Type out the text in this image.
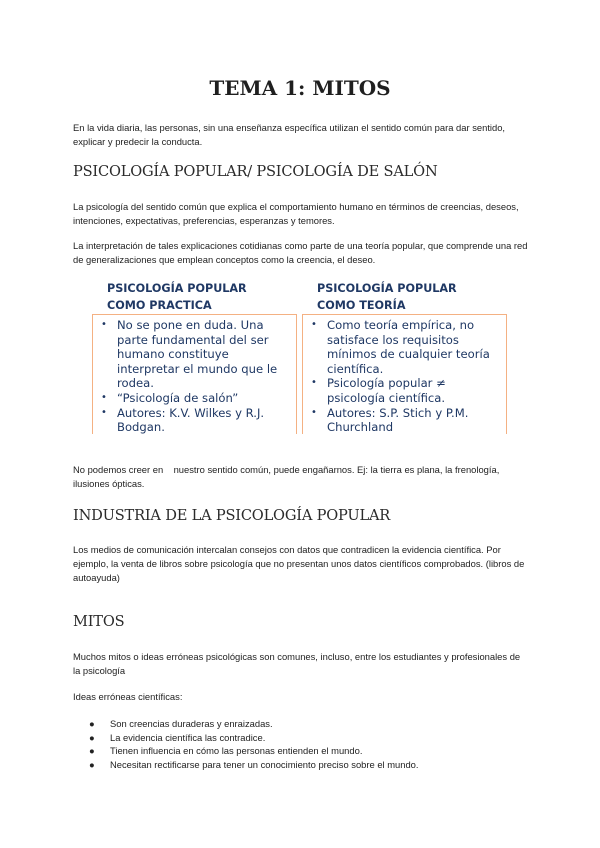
TEMA 1: MITOS

En la vida diaria, las personas, sin una enseñanza específica utilizan el sentido común para dar sentido, explicar y predecir la conducta.

PSICOLOGÍA POPULAR/ PSICOLOGÍA DE SALÓN

La psicología del sentido común que explica el comportamiento humano en términos de creencias, deseos, intenciones, expectativas, preferencias, esperanzas y temores.

La interpretación de tales explicaciones cotidianas como parte de una teoría popular, que comprende una red de generalizaciones que emplean conceptos como la creencia, el deseo.

PSICOLOGÍA POPULAR
COMO PRACTICA
• No se pone en duda. Una parte fundamental del ser humano constituye interpretar el mundo que le rodea.
• “Psicología de salón”
• Autores: K.V. Wilkes y R.J. Bodgan.
PSICOLOGÍA POPULAR
COMO TEORÍA
• Como teoría empírica, no satisface los requisitos mínimos de cualquier teoría científica.
• Psicología popular ≠ psicología científica.
• Autores: S.P. Stich y P.M. Churchland

No podemos creer en    nuestro sentido común, puede engañarnos. Ej: la tierra es plana, la frenología, ilusiones ópticas.

INDUSTRIA DE LA PSICOLOGÍA POPULAR

Los medios de comunicación intercalan consejos con datos que contradicen la evidencia científica. Por ejemplo, la venta de libros sobre psicología que no presentan unos datos científicos comprobados. (libros de autoayuda)

MITOS

Muchos mitos o ideas erróneas psicológicas son comunes, incluso, entre los estudiantes y profesionales de la psicología

Ideas erróneas científicas:

● Son creencias duraderas y enraizadas.
● La evidencia científica las contradice.
● Tienen influencia en cómo las personas entienden el mundo.
● Necesitan rectificarse para tener un conocimiento preciso sobre el mundo.
